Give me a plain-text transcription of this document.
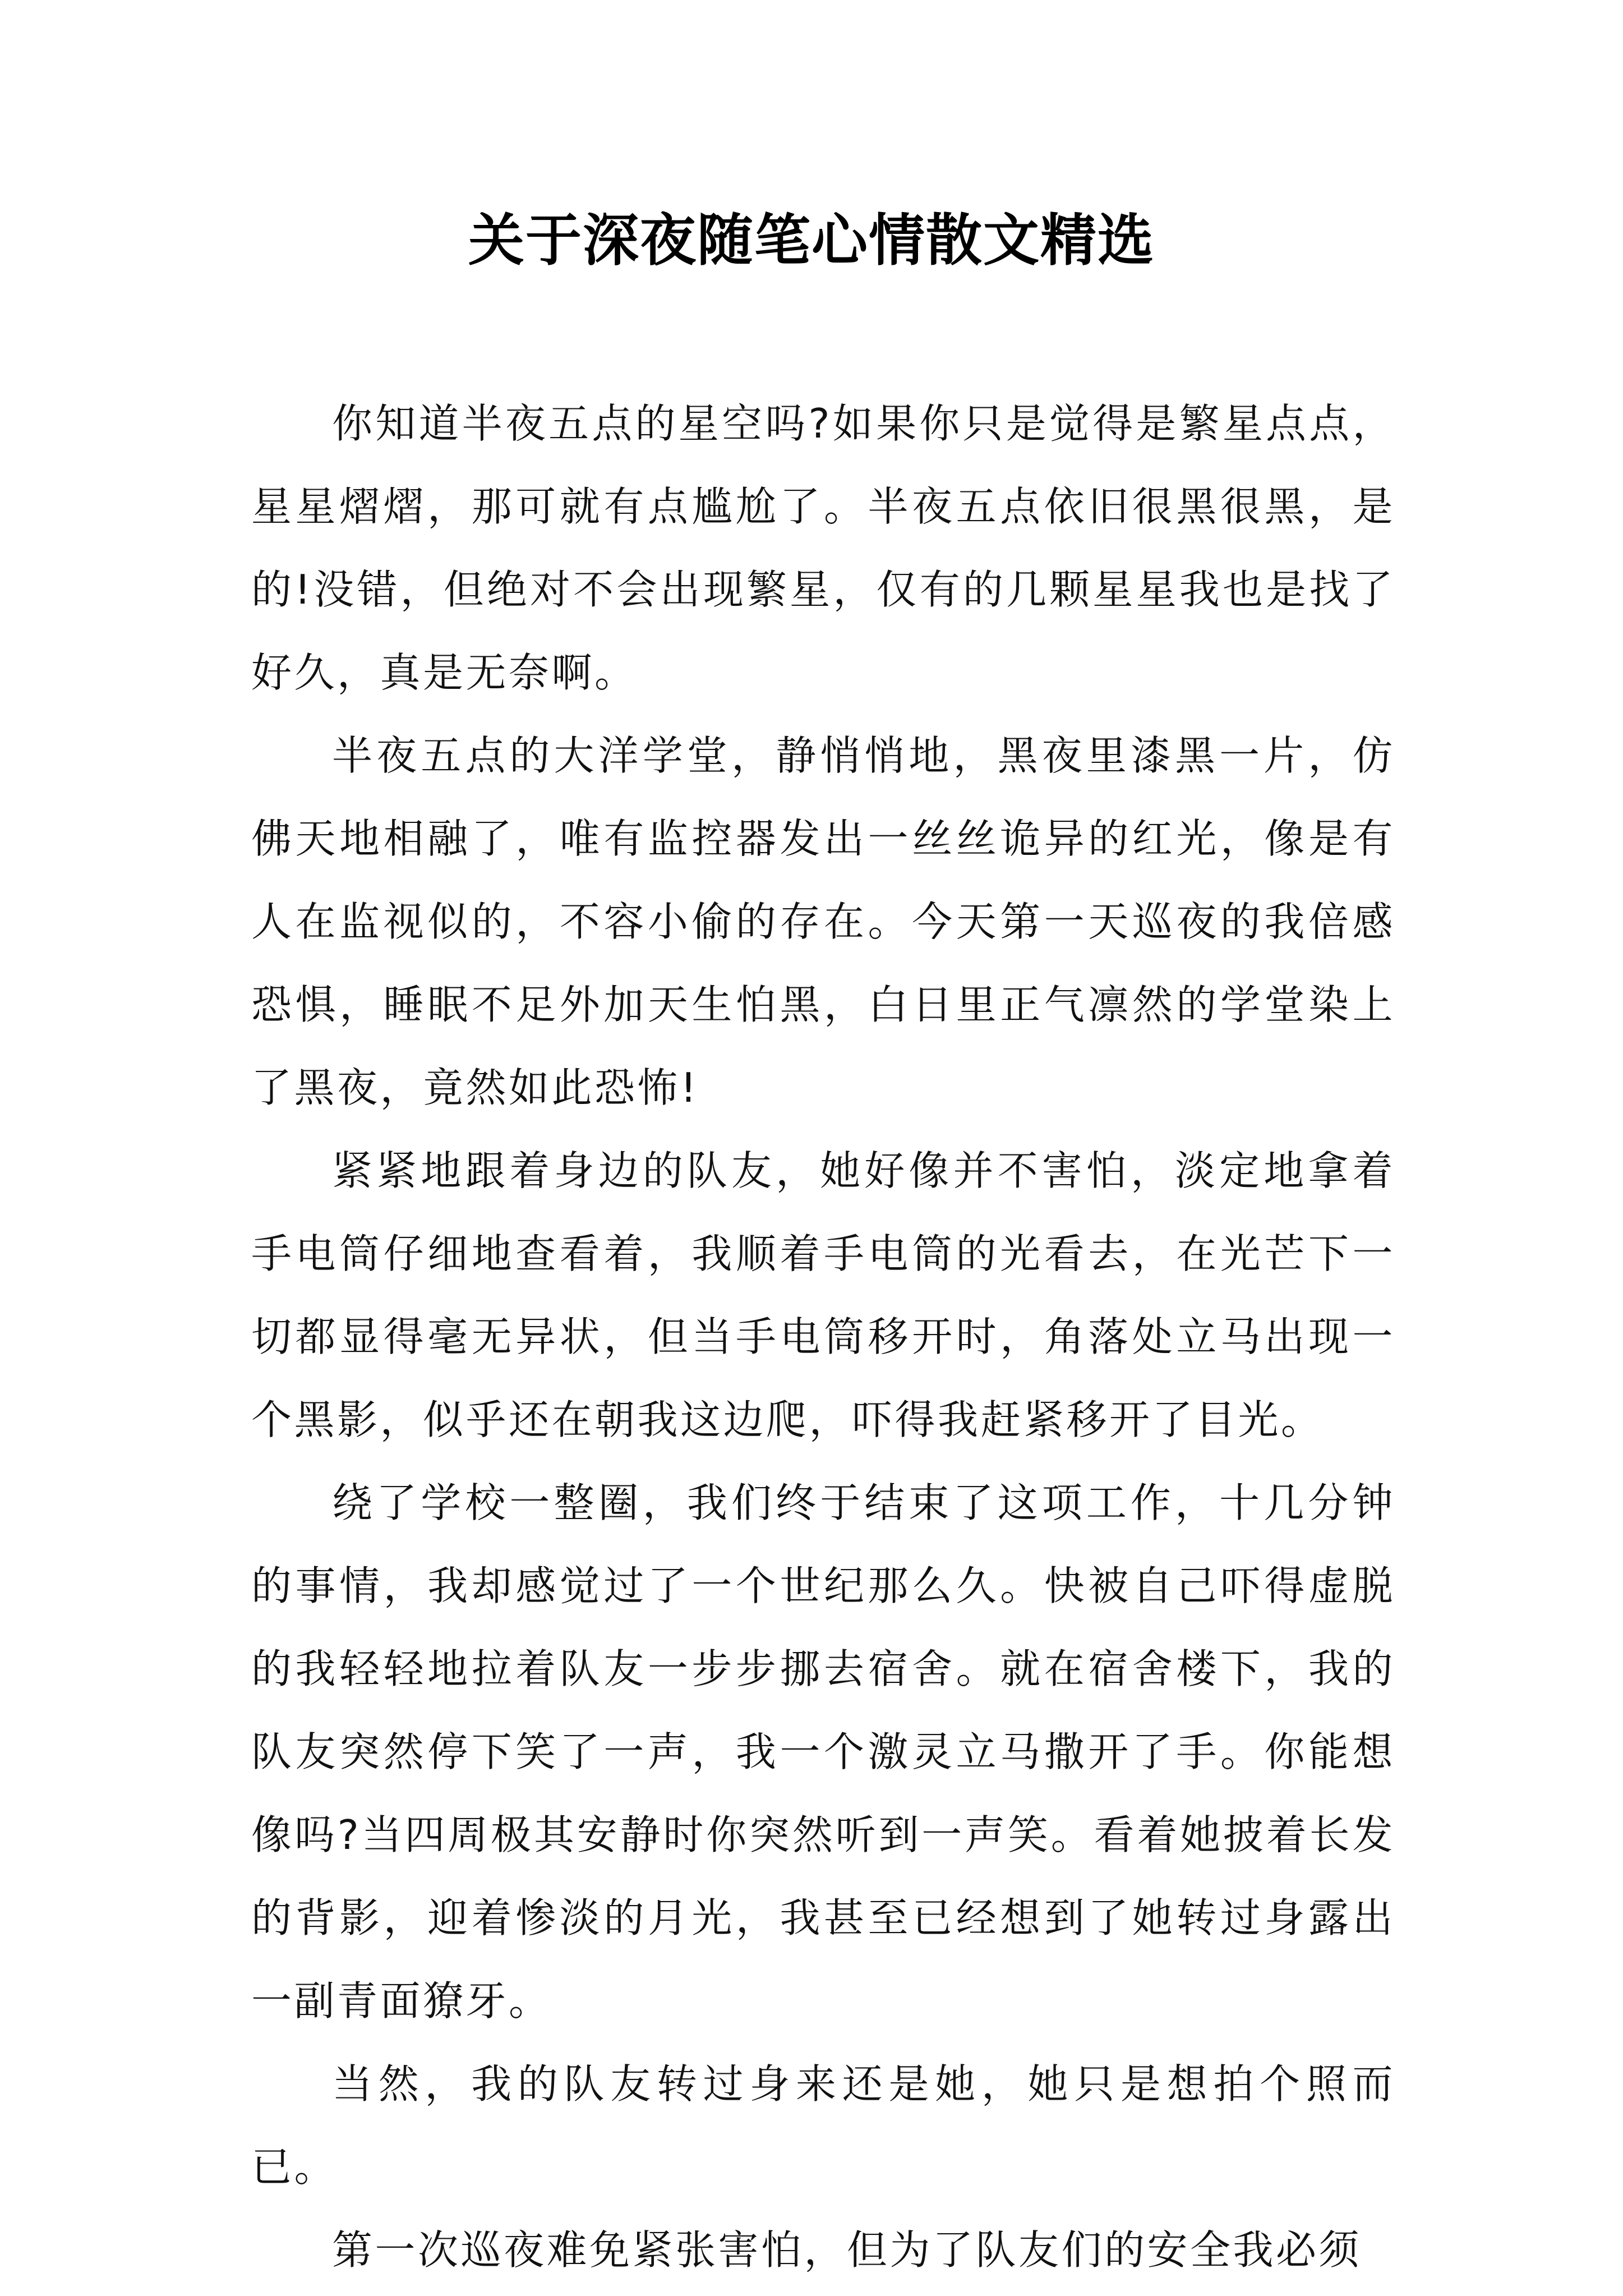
关于深夜随笔心情散文精选

你知道半夜五点的星空吗?如果你只是觉得是繁星点点，星星熠熠，那可就有点尴尬了。半夜五点依旧很黑很黑，是的!没错，但绝对不会出现繁星，仅有的几颗星星我也是找了好久，真是无奈啊。

半夜五点的大洋学堂，静悄悄地，黑夜里漆黑一片，仿佛天地相融了，唯有监控器发出一丝丝诡异的红光，像是有人在监视似的，不容小偷的存在。今天第一天巡夜的我倍感恐惧，睡眠不足外加天生怕黑，白日里正气凛然的学堂染上了黑夜，竟然如此恐怖!

紧紧地跟着身边的队友，她好像并不害怕，淡定地拿着手电筒仔细地查看着，我顺着手电筒的光看去，在光芒下一切都显得毫无异状，但当手电筒移开时，角落处立马出现一个黑影，似乎还在朝我这边爬，吓得我赶紧移开了目光。

绕了学校一整圈，我们终于结束了这项工作，十几分钟的事情，我却感觉过了一个世纪那么久。快被自己吓得虚脱的我轻轻地拉着队友一步步挪去宿舍。就在宿舍楼下，我的队友突然停下笑了一声，我一个激灵立马撒开了手。你能想像吗?当四周极其安静时你突然听到一声笑。看着她披着长发的背影，迎着惨淡的月光，我甚至已经想到了她转过身露出一副青面獠牙。

当然，我的队友转过身来还是她，她只是想拍个照而已。

第一次巡夜难免紧张害怕，但为了队友们的安全我必须
